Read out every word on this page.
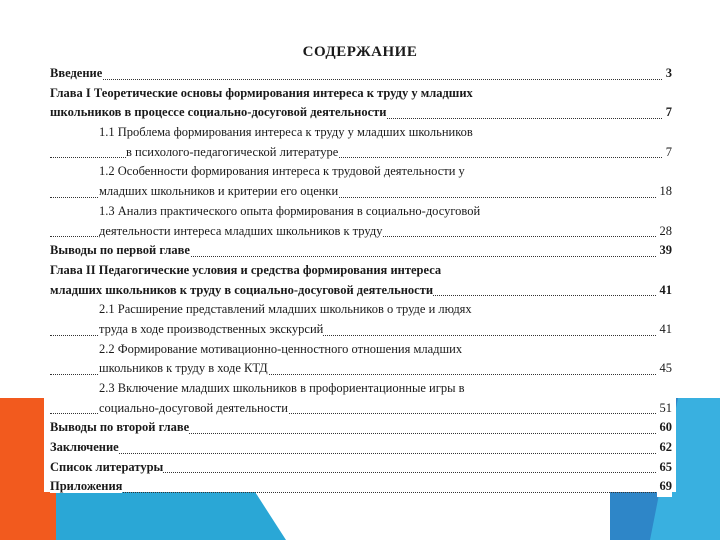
СОДЕРЖАНИЕ
Введение	3
Глава I Теоретические основы формирования интереса к труду у младших
школьников в процессе социально-досуговой деятельности	7
1.1 Проблема формирования интереса к труду у младших школьников
в психолого-педагогической литературе	7
1.2 Особенности формирования интереса к трудовой деятельности у
младших школьников и критерии его оценки	18
1.3 Анализ практического опыта формирования в социально-досуговой
деятельности интереса младших школьников к труду	28
Выводы по первой главе	39
Глава II Педагогические условия и средства формирования интереса
младших школьников к труду в социально-досуговой деятельности	41
2.1 Расширение представлений младших школьников о труде и людях
труда в ходе производственных экскурсий	41
2.2 Формирование мотивационно-ценностного отношения младших
школьников к труду в ходе КТД	45
2.3 Включение младших школьников в профориентационные игры в
социально-досуговой деятельности	51
Выводы по второй главе	60
Заключение	62
Список литературы	65
Приложения	69
